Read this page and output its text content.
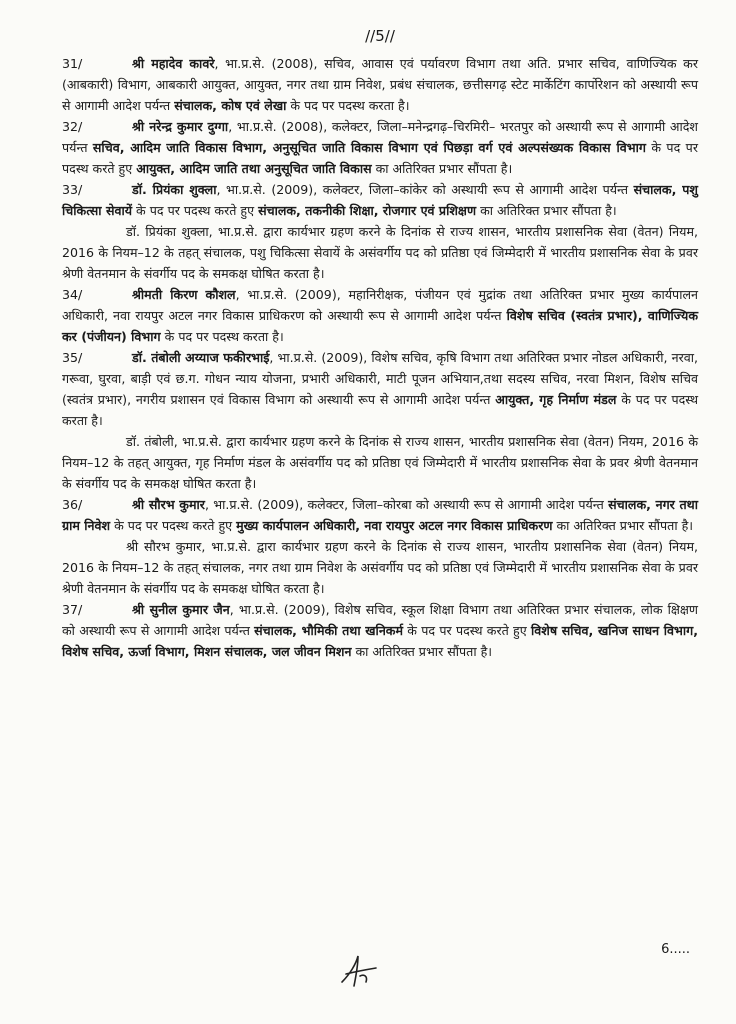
//5//

31/	श्री महादेव कावरे, भा.प्र.से. (2008), सचिव, आवास एवं पर्यावरण विभाग तथा अति. प्रभार सचिव, वाणिज्यिक कर (आबकारी) विभाग, आबकारी आयुक्त, आयुक्त, नगर तथा ग्राम निवेश, प्रबंध संचालक, छत्तीसगढ़ स्टेट मार्केटिंग कार्पोरेशन को अस्थायी रूप से आगामी आदेश पर्यन्त संचालक, कोष एवं लेखा के पद पर पदस्थ करता है।

32/	श्री नरेन्द्र कुमार दुग्गा, भा.प्र.से. (2008), कलेक्टर, जिला–मनेन्द्रगढ़–चिरमिरी– भरतपुर को अस्थायी रूप से आगामी आदेश पर्यन्त सचिव, आदिम जाति विकास विभाग, अनुसूचित जाति विकास विभाग एवं पिछड़ा वर्ग एवं अल्पसंख्यक विकास विभाग के पद पर पदस्थ करते हुए आयुक्त, आदिम जाति तथा अनुसूचित जाति विकास का अतिरिक्त प्रभार सौंपता है।

33/	डॉ. प्रियंका शुक्ला, भा.प्र.से. (2009), कलेक्टर, जिला–कांकेर को अस्थायी रूप से आगामी आदेश पर्यन्त संचालक, पशु चिकित्सा सेवायें के पद पर पदस्थ करते हुए संचालक, तकनीकी शिक्षा, रोजगार एवं प्रशिक्षण का अतिरिक्त प्रभार सौंपता है।

डॉ. प्रियंका शुक्ला, भा.प्र.से. द्वारा कार्यभार ग्रहण करने के दिनांक से राज्य शासन, भारतीय प्रशासनिक सेवा (वेतन) नियम, 2016 के नियम–12 के तहत् संचालक, पशु चिकित्सा सेवायें के असंवर्गीय पद को प्रतिष्ठा एवं जिम्मेदारी में भारतीय प्रशासनिक सेवा के प्रवर श्रेणी वेतनमान के संवर्गीय पद के समकक्ष घोषित करता है।

34/	श्रीमती किरण कौशल, भा.प्र.से. (2009), महानिरीक्षक, पंजीयन एवं मुद्रांक तथा अतिरिक्त प्रभार मुख्य कार्यपालन अधिकारी, नवा रायपुर अटल नगर विकास प्राधिकरण को अस्थायी रूप से आगामी आदेश पर्यन्त विशेष सचिव (स्वतंत्र प्रभार), वाणिज्यिक कर (पंजीयन) विभाग के पद पर पदस्थ करता है।

35/	डॉ. तंबोली अय्याज फकीरभाई, भा.प्र.से. (2009), विशेष सचिव, कृषि विभाग तथा अतिरिक्त प्रभार नोडल अधिकारी, नरवा, गरूवा, घुरवा, बाड़ी एवं छ.ग. गोधन न्याय योजना, प्रभारी अधिकारी, माटी पूजन अभियान,तथा सदस्य सचिव, नरवा मिशन, विशेष सचिव (स्वतंत्र प्रभार), नगरीय प्रशासन एवं विकास विभाग को अस्थायी रूप से आगामी आदेश पर्यन्त आयुक्त, गृह निर्माण मंडल के पद पर पदस्थ करता है।

डॉ. तंबोली, भा.प्र.से. द्वारा कार्यभार ग्रहण करने के दिनांक से राज्य शासन, भारतीय प्रशासनिक सेवा (वेतन) नियम, 2016 के नियम–12 के तहत् आयुक्त, गृह निर्माण मंडल के असंवर्गीय पद को प्रतिष्ठा एवं जिम्मेदारी में भारतीय प्रशासनिक सेवा के प्रवर श्रेणी वेतनमान के संवर्गीय पद के समकक्ष घोषित करता है।

36/	श्री सौरभ कुमार, भा.प्र.से. (2009), कलेक्टर, जिला–कोरबा को अस्थायी रूप से आगामी आदेश पर्यन्त संचालक, नगर तथा ग्राम निवेश के पद पर पदस्थ करते हुए मुख्य कार्यपालन अधिकारी, नवा रायपुर अटल नगर विकास प्राधिकरण का अतिरिक्त प्रभार सौंपता है।

श्री सौरभ कुमार, भा.प्र.से. द्वारा कार्यभार ग्रहण करने के दिनांक से राज्य शासन, भारतीय प्रशासनिक सेवा (वेतन) नियम, 2016 के नियम–12 के तहत् संचालक, नगर तथा ग्राम निवेश के असंवर्गीय पद को प्रतिष्ठा एवं जिम्मेदारी में भारतीय प्रशासनिक सेवा के प्रवर श्रेणी वेतनमान के संवर्गीय पद के समकक्ष घोषित करता है।

37/	श्री सुनील कुमार जैन, भा.प्र.से. (2009), विशेष सचिव, स्कूल शिक्षा विभाग तथा अतिरिक्त प्रभार संचालक, लोक क्षिक्षण को अस्थायी रूप से आगामी आदेश पर्यन्त संचालक, भौमिकी तथा खनिकर्म के पद पर पदस्थ करते हुए विशेष सचिव, खनिज साधन विभाग, विशेष सचिव, ऊर्जा विभाग, मिशन संचालक, जल जीवन मिशन का अतिरिक्त प्रभार सौंपता है।

6.....
